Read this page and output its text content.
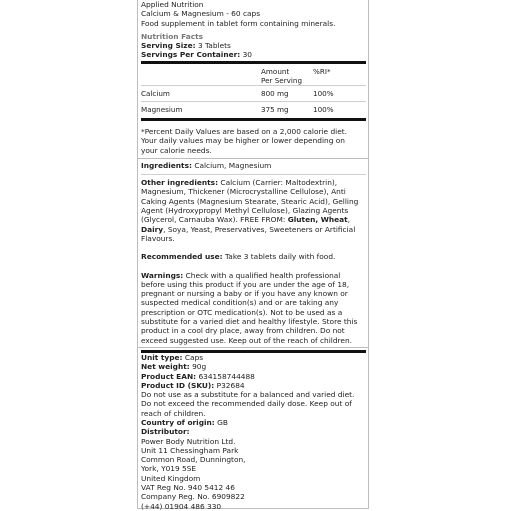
Applied Nutrition

Calcium & Magnesium - 60 caps

Food supplement in tablet form containing minerals.

Nutrition Facts

Serving Size: 3 Tablets

Servings Per Container: 30

	Amount
Per Serving	%RI*

Calcium	800 mg	100%

Magnesium	375 mg	100%

*Percent Daily Values are based on a 2,000 calorie diet.

Your daily values may be higher or lower depending on

your calorie needs.

Ingredients: Calcium, Magnesium

Other ingredients: Calcium (Carrier: Maltodextrin), Magnesium, Thickener (Microcrystalline Cellulose), Anti Caking Agents (Magnesium Stearate, Stearic Acid), Gelling Agent (Hydroxypropyl Methyl Cellulose), Glazing Agents (Glycerol, Carnauba Wax). FREE FROM: Gluten, Wheat, Dairy, Soya, Yeast, Preservatives, Sweeteners or Artificial Flavours.

Recommended use: Take 3 tablets daily with food.

Warnings: Check with a qualified health professional before using this product if you are under the age of 18, pregnant or nursing a baby or if you have any known or suspected medical condition(s) and or are taking any prescription or OTC medication(s). Not to be used as a substitute for a varied diet and healthy lifestyle. Store this product in a cool dry place, away from children. Do not exceed suggested use. Keep out of the reach of children.

Unit type: Caps

Net weight: 90g

Product EAN: 634158744488

Product ID (SKU): P32684

Do not use as a substitute for a balanced and varied diet. Do not exceed the recommended daily dose. Keep out of reach of children.

Country of origin: GB

Distributor:

Power Body Nutrition Ltd.

Unit 11 Chessingham Park

Common Road, Dunnington,

York, Y019 5SE

United Kingdom

VAT Reg No. 940 5412 46

Company Reg. No. 6909822

(+44) 01904 486 330
